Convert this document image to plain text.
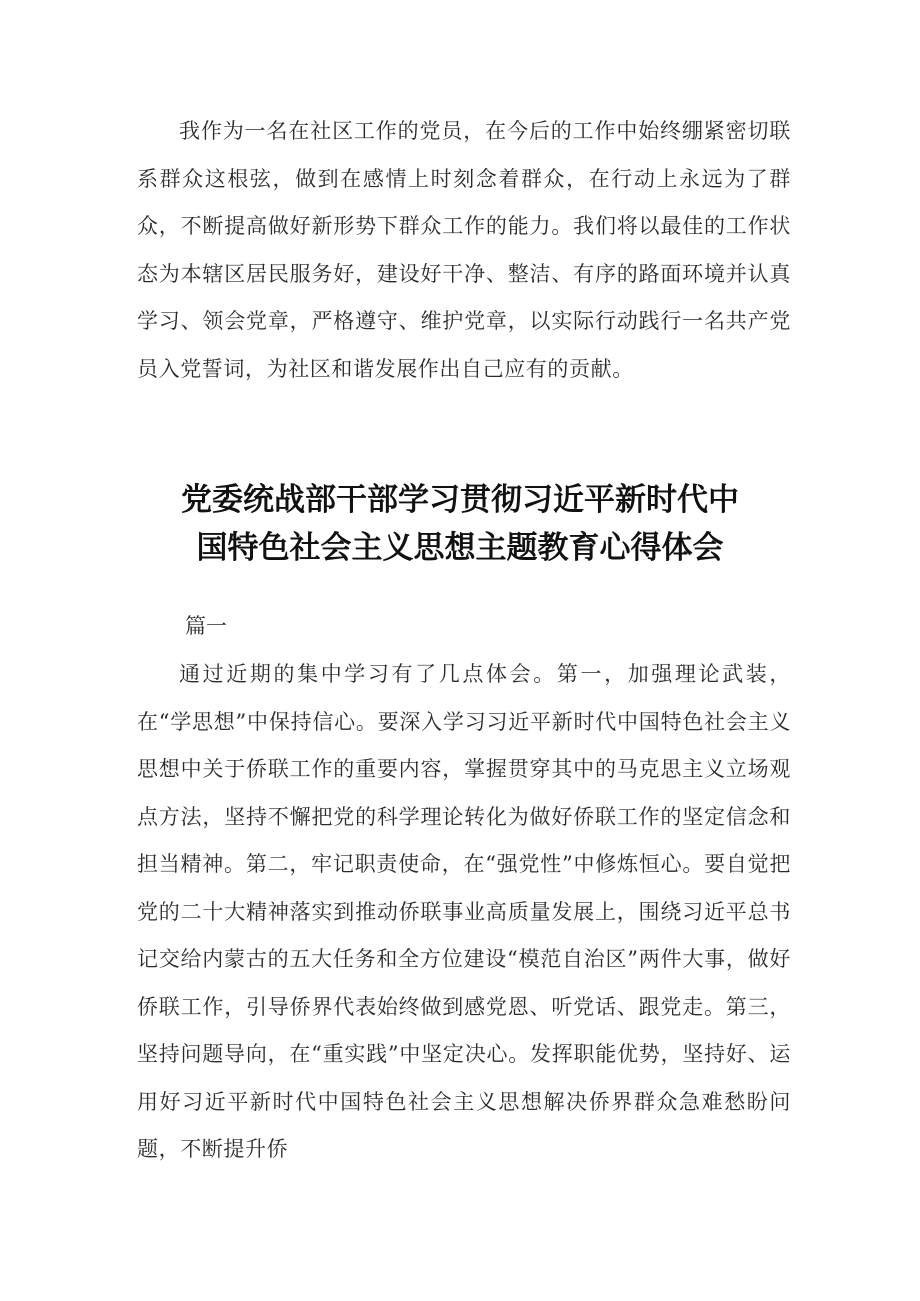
我作为一名在社区工作的党员，在今后的工作中始终绷紧密切联系群众这根弦，做到在感情上时刻念着群众，在行动上永远为了群众，不断提高做好新形势下群众工作的能力。我们将以最佳的工作状态为本辖区居民服务好，建设好干净、整洁、有序的路面环境并认真学习、领会党章，严格遵守、维护党章，以实际行动践行一名共产党员入党誓词，为社区和谐发展作出自己应有的贡献。

党委统战部干部学习贯彻习近平新时代中
国特色社会主义思想主题教育心得体会

篇一

通过近期的集中学习有了几点体会。第一，加强理论武装，在“学思想”中保持信心。要深入学习习近平新时代中国特色社会主义思想中关于侨联工作的重要内容，掌握贯穿其中的马克思主义立场观点方法，坚持不懈把党的科学理论转化为做好侨联工作的坚定信念和担当精神。第二，牢记职责使命，在“强党性”中修炼恒心。要自觉把党的二十大精神落实到推动侨联事业高质量发展上，围绕习近平总书记交给内蒙古的五大任务和全方位建设“模范自治区”两件大事，做好侨联工作，引导侨界代表始终做到感党恩、听党话、跟党走。第三，坚持问题导向，在“重实践”中坚定决心。发挥职能优势，坚持好、运用好习近平新时代中国特色社会主义思想解决侨界群众急难愁盼问题，不断提升侨
